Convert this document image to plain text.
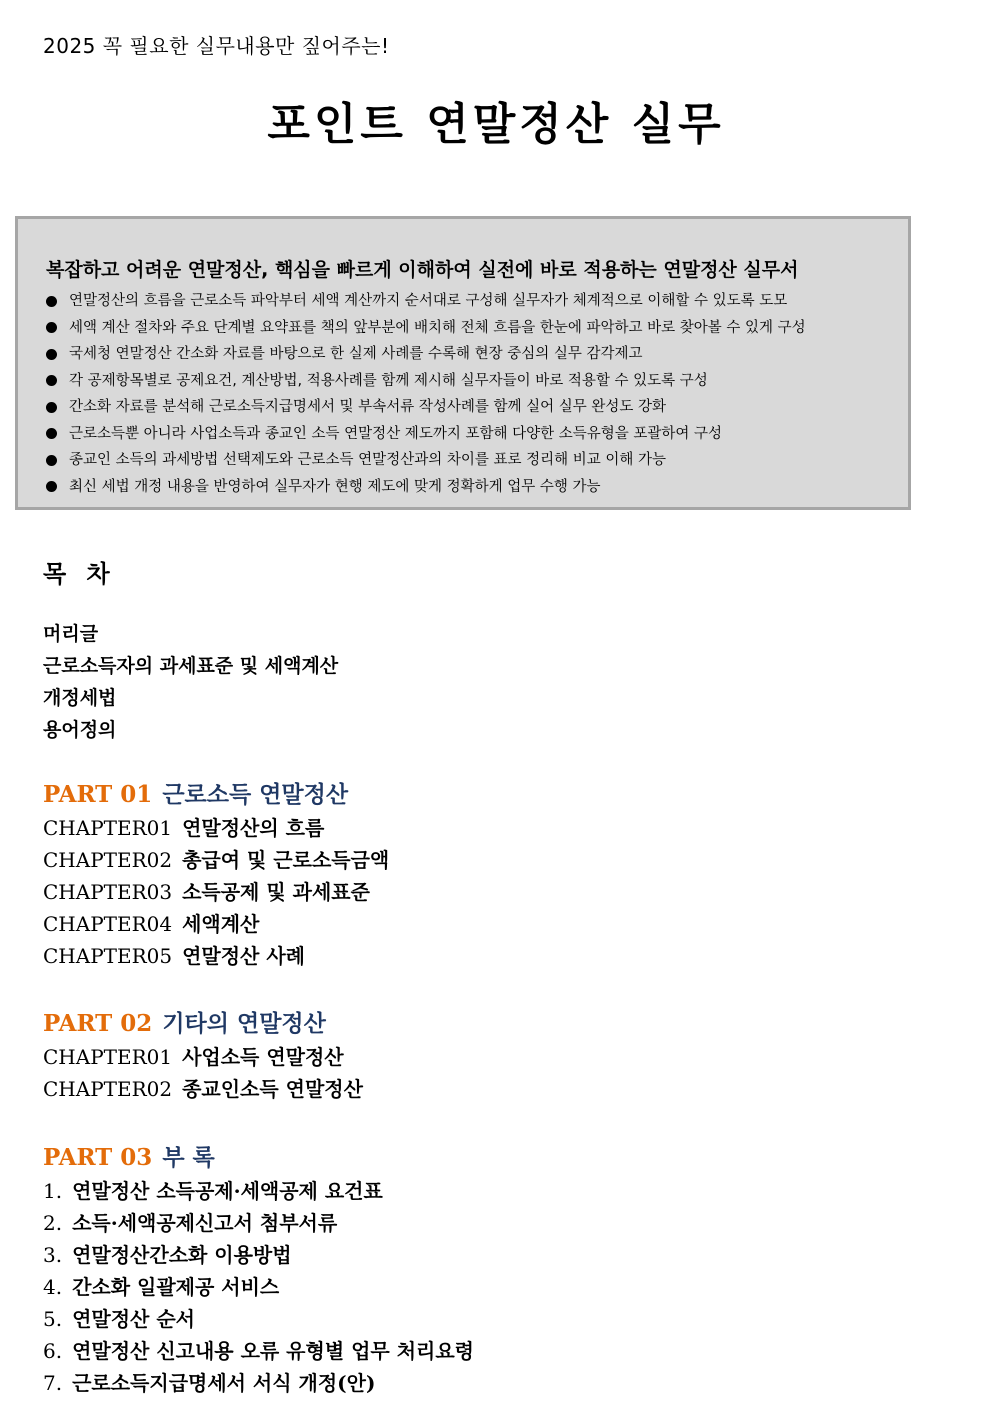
2025 꼭 필요한 실무내용만 짚어주는!
포인트 연말정산 실무
복잡하고 어려운 연말정산, 핵심을 빠르게 이해하여 실전에 바로 적용하는 연말정산 실무서
연말정산의 흐름을 근로소득 파악부터 세액 계산까지 순서대로 구성해 실무자가 체계적으로 이해할 수 있도록 도모
세액 계산 절차와 주요 단계별 요약표를 책의 앞부분에 배치해 전체 흐름을 한눈에 파악하고 바로 찾아볼 수 있게 구성
국세청 연말정산 간소화 자료를 바탕으로 한 실제 사례를 수록해 현장 중심의 실무 감각제고
각 공제항목별로 공제요건, 계산방법, 적용사례를 함께 제시해 실무자들이 바로 적용할 수 있도록 구성
간소화 자료를 분석해 근로소득지급명세서 및 부속서류 작성사례를 함께 실어 실무 완성도 강화
근로소득뿐 아니라 사업소득과 종교인 소득 연말정산 제도까지 포함해 다양한 소득유형을 포괄하여 구성
종교인 소득의 과세방법 선택제도와 근로소득 연말정산과의 차이를 표로 정리해 비교 이해 가능
최신 세법 개정 내용을 반영하여 실무자가 현행 제도에 맞게 정확하게 업무 수행 가능
목 차
머리글
근로소득자의 과세표준 및 세액계산
개정세법
용어정의
PART 01 근로소득 연말정산
CHAPTER01 연말정산의 흐름
CHAPTER02 총급여 및 근로소득금액
CHAPTER03 소득공제 및 과세표준
CHAPTER04 세액계산
CHAPTER05 연말정산 사례
PART 02 기타의 연말정산
CHAPTER01 사업소득 연말정산
CHAPTER02 종교인소득 연말정산
PART 03 부 록
1. 연말정산 소득공제·세액공제 요건표
2. 소득·세액공제신고서 첨부서류
3. 연말정산간소화 이용방법
4. 간소화 일괄제공 서비스
5. 연말정산 순서
6. 연말정산 신고내용 오류 유형별 업무 처리요령
7. 근로소득지급명세서 서식 개정(안)
